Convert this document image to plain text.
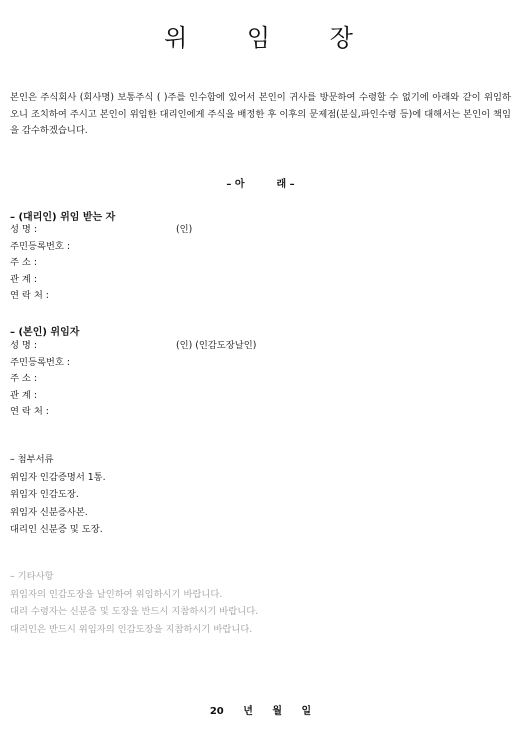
위 임 장
본인은 주식회사 (회사명) 보통주식 ( )주를 인수함에 있어서 본인이 귀사를 방문하여 수령할 수 없기에 아래와 같이 위임하오니 조치하여 주시고 본인이 위임한 대리인에게 주식을 배정한 후 이후의 문제점(분실,파인수령 등)에 대해서는 본인이 책임을 감수하겠습니다.
– 아	래 –
– (대리인) 위임 받는 자
성 명 :	(인)
주민등록번호 :
주 소 :
관 계 :
연 락 처 :
– (본인) 위임자
성 명 :	(인) (인감도장날인)
주민등록번호 :
주 소 :
관 계 :
연 락 처 :
– 첨부서류
위임자 인감증명서 1통.
위임자 인감도장.
위임자 신분증사본.
대리인 신분증 및 도장.
– 기타사항
위임자의 인감도장을 날인하여 위임하시기 바랍니다.
대리 수령자는 신분증 및 도장을 반드시 지참하시기 바랍니다.
대리인은 반드시 위임자의 인감도장을 지참하시기 바랍니다.
20 년 월 일
